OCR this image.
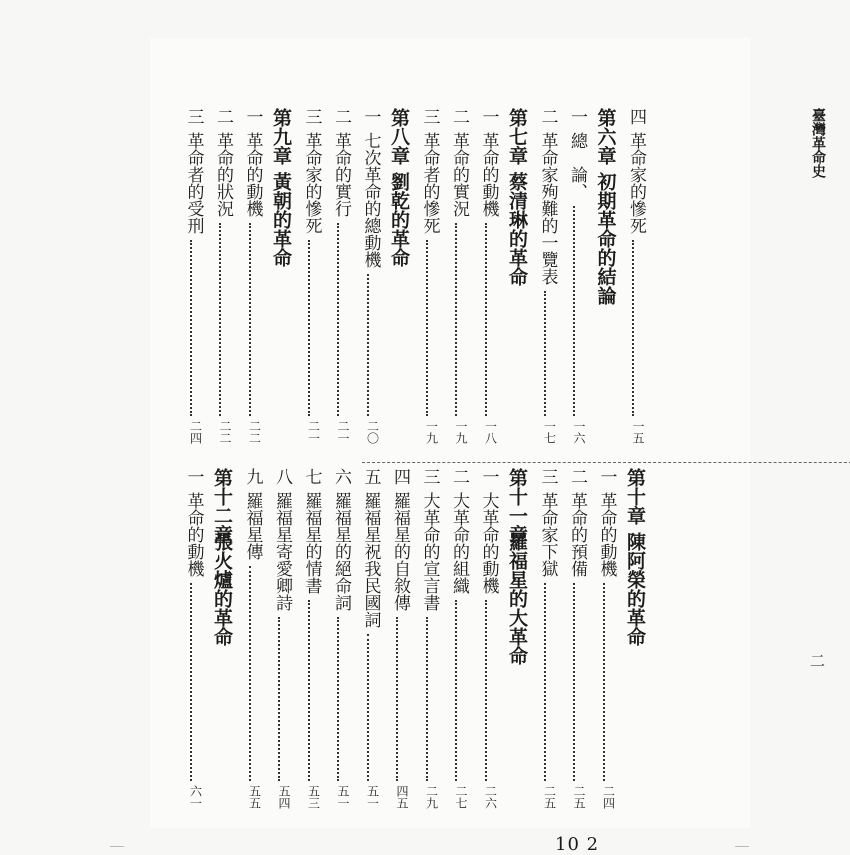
臺灣革命史
二
四
革命家的慘死
一五
第六章
初期革命的結論
一
總　論、
一六
二
革命家殉難的一覽表
一七
第七章
蔡清琳的革命
一
革命的動機
一八
二
革命的實況
一九
三
革命者的慘死
一九
第八章
劉乾的革命
一
七次革命的總動機
二〇
二
革命的實行
二一
三
革命家的慘死
二一
第九章
黃朝的革命
一
革命的動機
二二
二
革命的狀況
二二
三
革命者的受刑
二四
第十章
陳阿榮的革命
一
革命的動機
二四
二
革命的預備
二五
三
革命家下獄
二五
第十一章
羅福星的大革命
一
大革命的動機
二六
二
大革命的組織
二七
三
大革命的宣言書
二九
四
羅福星的自敘傳
四五
五
羅福星祝我民國詞
五一
六
羅福星的絕命詞
五一
七
羅福星的情書
五三
八
羅福星寄愛卿詩
五四
九
羅福星傳
五五
第十二章
張火爐的革命
一
革命的動機
六一
10 2
